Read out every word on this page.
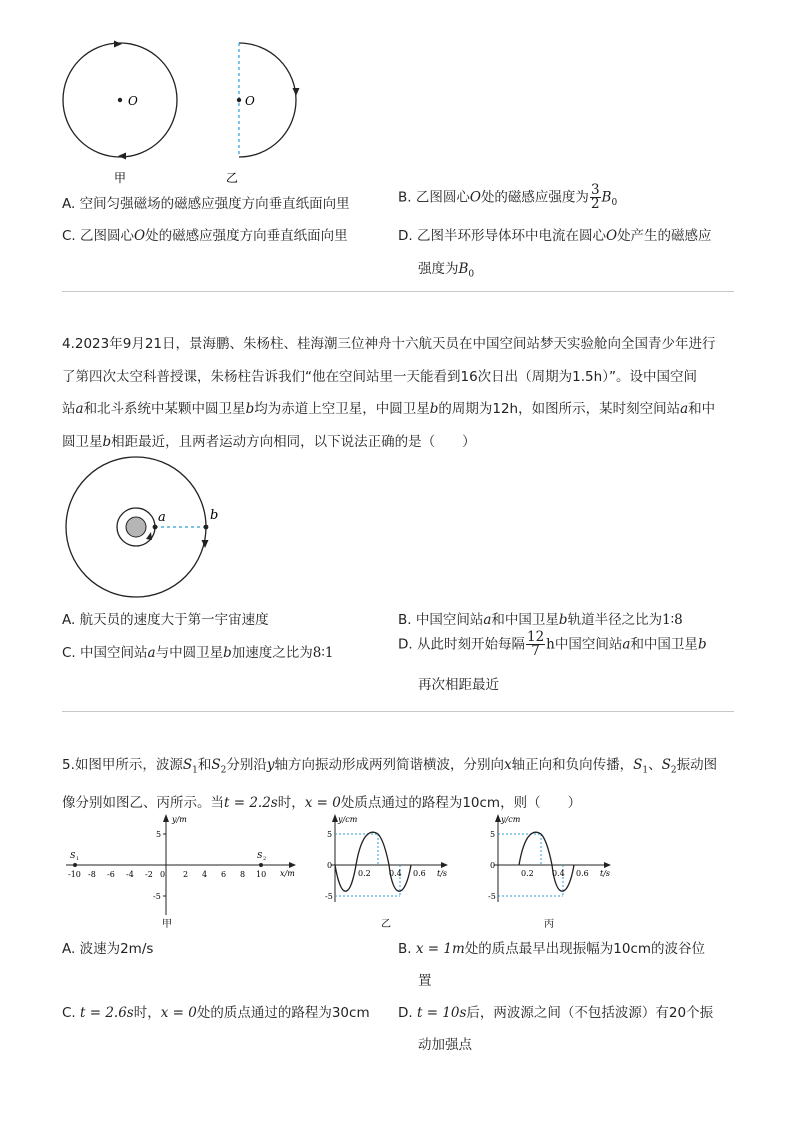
O
甲
O
乙
A. 空间匀强磁场的磁感应强度方向垂直纸面向里	B. 乙图圆心O处的磁感应强度为 $\frac{3}{2} B_0$
C. 乙图圆心O处的磁感应强度方向垂直纸面向里	D. 乙图半环形导体环中电流在圆心O处产生的磁感应
强度为$B_0$
4.2023年9月21日，景海鹏、朱杨柱、桂海潮三位神舟十六航天员在中国空间站梦天实验舱向全国青少年进行
了第四次太空科普授课，朱杨柱告诉我们“他在空间站里一天能看到16次日出（周期为1.5h）”。设中国空间
站a和北斗系统中某颗中圆卫星b均为赤道上空卫星，中圆卫星b的周期为12h，如图所示，某时刻空间站a和中
圆卫星b相距最近，且两者运动方向相同，以下说法正确的是（　　）
a	b
A. 航天员的速度大于第一宇宙速度	B. 中国空间站a和中国卫星b轨道半径之比为1∶8
C. 中国空间站a与中圆卫星b加速度之比为8∶1
D. 从此时刻开始每隔 $\frac{12}{7}$ h中国空间站a和中国卫星b
再次相距最近
5.如图甲所示，波源$S_1$和$S_2$分别沿y轴方向振动形成两列简谐横波，分别向x轴正向和负向传播，$S_1$、$S_2$振动图
像分别如图乙、丙所示。当t = 2.2s时，x = 0处质点通过的路程为10cm，则（　　）
y/m
x/m
5
-5
-10 -8 -6 -4 -2 0 2 4 6 8 10
S 1	S 2
甲
y/cm
t/s
5
-5
0
0.2 0.4 0.6
乙
y/cm
t/s
5
-5
0
0.2 0.4 0.6
丙
A. 波速为2m/s	B. x = 1m处的质点最早出现振幅为10cm的波谷位
置
C. t = 2.6s时，x = 0处的质点通过的路程为30cm D. t = 10s后，两波源之间（不包括波源）有20个振
动加强点
